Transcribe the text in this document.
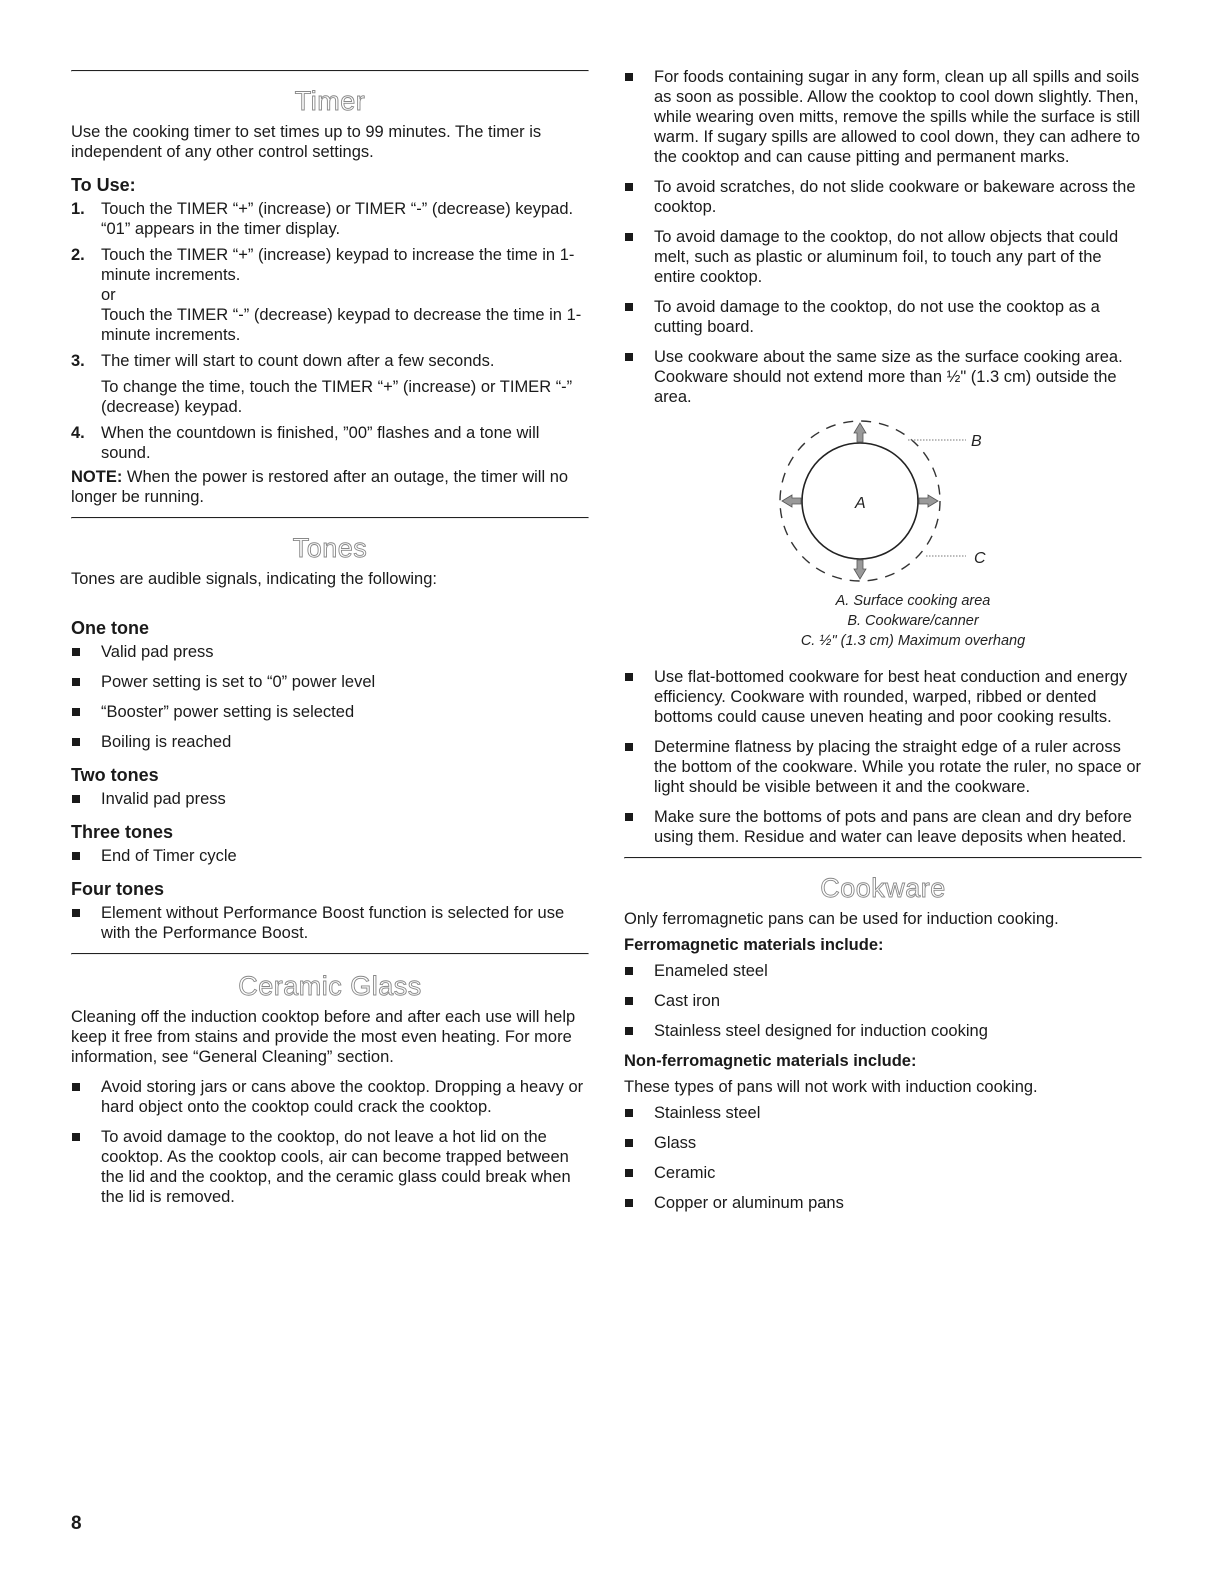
Timer

Use the cooking timer to set times up to 99 minutes. The timer is independent of any other control settings.

To Use:
1. Touch the TIMER “+” (increase) or TIMER “-” (decrease) keypad. “01” appears in the timer display.
2. Touch the TIMER “+” (increase) keypad to increase the time in 1-minute increments.
or
Touch the TIMER “-” (decrease) keypad to decrease the time in 1-minute increments.
3. The timer will start to count down after a few seconds.
To change the time, touch the TIMER “+” (increase) or TIMER “-” (decrease) keypad.
4. When the countdown is finished, ”00” flashes and a tone will sound.

NOTE: When the power is restored after an outage, the timer will no longer be running.

Tones

Tones are audible signals, indicating the following:

One tone
Valid pad press
Power setting is set to “0” power level
“Booster” power setting is selected
Boiling is reached
Two tones
Invalid pad press
Three tones
End of Timer cycle
Four tones
Element without Performance Boost function is selected for use with the Performance Boost.
Ceramic Glass

Cleaning off the induction cooktop before and after each use will help keep it free from stains and provide the most even heating. For more information, see “General Cleaning” section.

Avoid storing jars or cans above the cooktop. Dropping a heavy or hard object onto the cooktop could crack the cooktop.
To avoid damage to the cooktop, do not leave a hot lid on the cooktop. As the cooktop cools, air can become trapped between the lid and the cooktop, and the ceramic glass could break when the lid is removed.
For foods containing sugar in any form, clean up all spills and soils as soon as possible. Allow the cooktop to cool down slightly. Then, while wearing oven mitts, remove the spills while the surface is still warm. If sugary spills are allowed to cool down, they can adhere to the cooktop and can cause pitting and permanent marks.
To avoid scratches, do not slide cookware or bakeware across the cooktop.
To avoid damage to the cooktop, do not allow objects that could melt, such as plastic or aluminum foil, to touch any part of the entire cooktop.
To avoid damage to the cooktop, do not use the cooktop as a cutting board.
Use cookware about the same size as the surface cooking area. Cookware should not extend more than ½" (1.3 cm) outside the area.
A
B
C
A. Surface cooking area
B. Cookware/canner
C. ½" (1.3 cm) Maximum overhang
Use flat-bottomed cookware for best heat conduction and energy efficiency. Cookware with rounded, warped, ribbed or dented bottoms could cause uneven heating and poor cooking results.
Determine flatness by placing the straight edge of a ruler across the bottom of the cookware. While you rotate the ruler, no space or light should be visible between it and the cookware.
Make sure the bottoms of pots and pans are clean and dry before using them. Residue and water can leave deposits when heated.
Cookware

Only ferromagnetic pans can be used for induction cooking.

Ferromagnetic materials include:
Enameled steel
Cast iron
Stainless steel designed for induction cooking
Non-ferromagnetic materials include:

These types of pans will not work with induction cooking.

Stainless steel
Glass
Ceramic
Copper or aluminum pans
8
